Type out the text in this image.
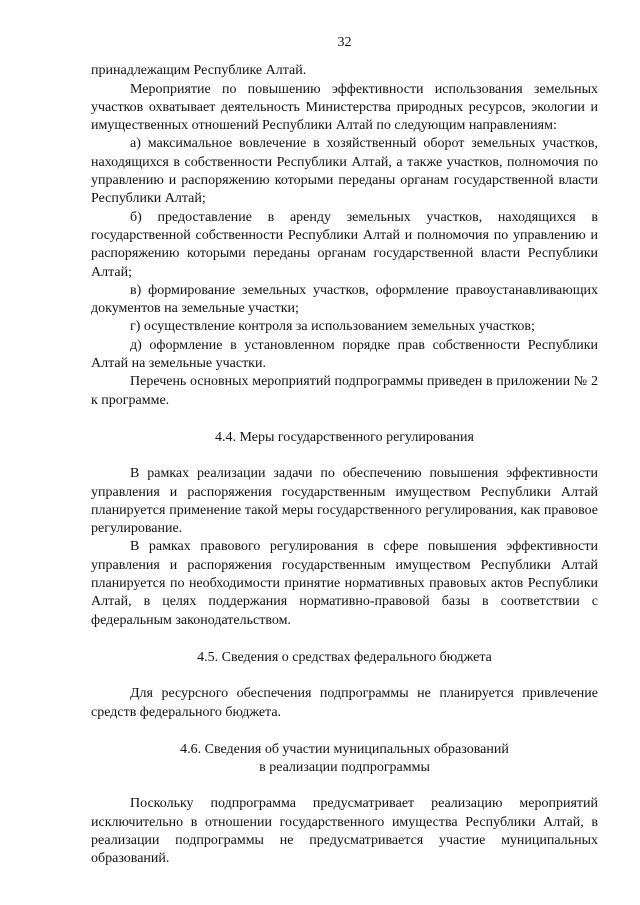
32

принадлежащим Республике Алтай.

Мероприятие по повышению эффективности использования земельных участков охватывает деятельность Министерства природных ресурсов, экологии и имущественных отношений Республики Алтай по следующим направлениям:

а) максимальное вовлечение в хозяйственный оборот земельных участков, находящихся в собственности Республики Алтай, а также участков, полномочия по управлению и распоряжению которыми переданы органам государственной власти Республики Алтай;

б) предоставление в аренду земельных участков, находящихся в государственной собственности Республики Алтай и полномочия по управлению и распоряжению которыми переданы органам государственной власти Республики Алтай;

в) формирование земельных участков, оформление правоустанавливающих документов на земельные участки;

г) осуществление контроля за использованием земельных участков;

д) оформление в установленном порядке прав собственности Республики Алтай на земельные участки.

Перечень основных мероприятий подпрограммы приведен в приложении № 2 к программе.

4.4. Меры государственного регулирования

В рамках реализации задачи по обеспечению повышения эффективности управления и распоряжения государственным имуществом Республики Алтай планируется применение такой меры государственного регулирования, как правовое регулирование.

В рамках правового регулирования в сфере повышения эффективности управления и распоряжения государственным имуществом Республики Алтай планируется по необходимости принятие нормативных правовых актов Республики Алтай, в целях поддержания нормативно-правовой базы в соответствии с федеральным законодательством.

4.5. Сведения о средствах федерального бюджета

Для ресурсного обеспечения подпрограммы не планируется привлечение средств федерального бюджета.

4.6. Сведения об участии муниципальных образований
в реализации подпрограммы

Поскольку подпрограмма предусматривает реализацию мероприятий исключительно в отношении государственного имущества Республики Алтай, в реализации подпрограммы не предусматривается участие муниципальных образований.
